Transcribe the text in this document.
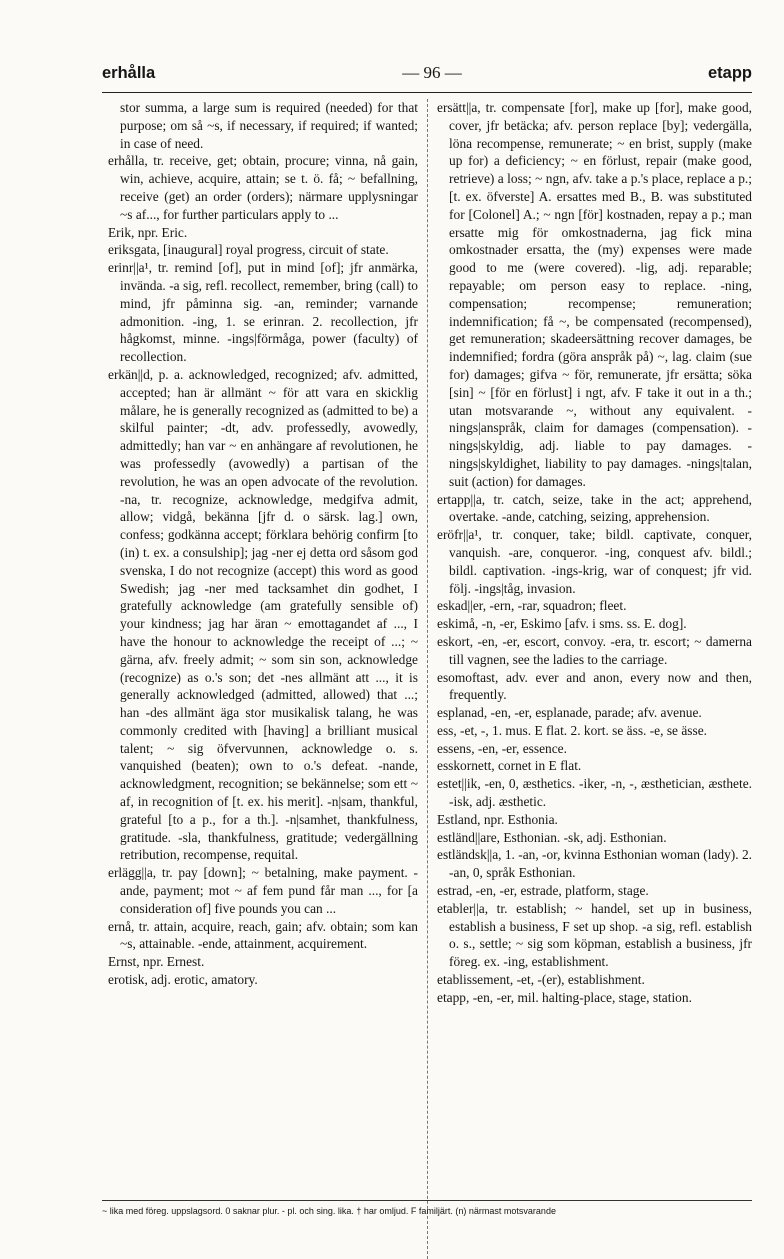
erhålla	— 96 —	etapp

stor summa, a large sum is required (needed) for that purpose; om så ~s, if necessary, if required; if wanted; in case of need.

erhålla, tr. receive, get; obtain, procure; vinna, nå gain, win, achieve, acquire, attain; se t. ö. få; ~ befallning, receive (get) an order (orders); närmare upplysningar ~s af..., for further particulars apply to ...

Erik, npr. Eric.

eriksgata, [inaugural] royal progress, circuit of state.

erinr||a¹, tr. remind [of], put in mind [of]; jfr anmärka, invända. -a sig, refl. recollect, remember, bring (call) to mind, jfr påminna sig. -an, reminder; varnande admonition. -ing, 1. se erinran. 2. recollection, jfr hågkomst, minne. -ings|förmåga, power (faculty) of recollection.

erkän||d, p. a. acknowledged, recognized; afv. admitted, accepted; han är allmänt ~ för att vara en skicklig målare, he is generally recognized as (admitted to be) a skilful painter; -dt, adv. professedly, avowedly, admittedly; han var ~ en anhängare af revolutionen, he was professedly (avowedly) a partisan of the revolution, he was an open advocate of the revolution. -na, tr. recognize, acknowledge, medgifva admit, allow; vidgå, bekänna [jfr d. o särsk. lag.] own, confess; godkänna accept; förklara behörig confirm [to (in) t. ex. a consulship]; jag -ner ej detta ord såsom god svenska, I do not recognize (accept) this word as good Swedish; jag -ner med tacksamhet din godhet, I gratefully acknowledge (am gratefully sensible of) your kindness; jag har äran ~ emottagandet af ..., I have the honour to acknowledge the receipt of ...; ~ gärna, afv. freely admit; ~ som sin son, acknowledge (recognize) as o.'s son; det -nes allmänt att ..., it is generally acknowledged (admitted, allowed) that ...; han -des allmänt äga stor musikalisk talang, he was commonly credited with [having] a brilliant musical talent; ~ sig öfvervunnen, acknowledge o. s. vanquished (beaten); own to o.'s defeat. -nande, acknowledgment, recognition; se bekännelse; som ett ~ af, in recognition of [t. ex. his merit]. -n|sam, thankful, grateful [to a p., for a th.]. -n|samhet, thankfulness, gratitude. -sla, thankfulness, gratitude; vedergällning retribution, recompense, requital.

erlägg||a, tr. pay [down]; ~ betalning, make payment. -ande, payment; mot ~ af fem pund får man ..., for [a consideration of] five pounds you can ...

ernå, tr. attain, acquire, reach, gain; afv. obtain; som kan ~s, attainable. -ende, attainment, acquirement.

Ernst, npr. Ernest.

erotisk, adj. erotic, amatory.

ersätt||a, tr. compensate [for], make up [for], make good, cover, jfr betäcka; afv. person replace [by]; vedergälla, löna recompense, remunerate; ~ en brist, supply (make up for) a deficiency; ~ en förlust, repair (make good, retrieve) a loss; ~ ngn, afv. take a p.'s place, replace a p.; [t. ex. öfverste] A. ersattes med B., B. was substituted for [Colonel] A.; ~ ngn [för] kostnaden, repay a p.; man ersatte mig för omkostnaderna, jag fick mina omkostnader ersatta, the (my) expenses were made good to me (were covered). -lig, adj. reparable; repayable; om person easy to replace. -ning, compensation; recompense; remuneration; indemnification; få ~, be compensated (recompensed), get remuneration; skadeersättning recover damages, be indemnified; fordra (göra anspråk på) ~, lag. claim (sue for) damages; gifva ~ för, remunerate, jfr ersätta; söka [sin] ~ [för en förlust] i ngt, afv. F take it out in a th.; utan motsvarande ~, without any equivalent. -nings|anspråk, claim for damages (compensation). -nings|skyldig, adj. liable to pay damages. -nings|skyldighet, liability to pay damages. -nings|talan, suit (action) for damages.

ertapp||a, tr. catch, seize, take in the act; apprehend, overtake. -ande, catching, seizing, apprehension.

eröfr||a¹, tr. conquer, take; bildl. captivate, conquer, vanquish. -are, conqueror. -ing, conquest afv. bildl.; bildl. captivation. -ings-krig, war of conquest; jfr vid. följ. -ings|tåg, invasion.

eskad||er, -ern, -rar, squadron; fleet.

eskimå, -n, -er, Eskimo [afv. i sms. ss. E. dog].

eskort, -en, -er, escort, convoy. -era, tr. escort; ~ damerna till vagnen, see the ladies to the carriage.

esomoftast, adv. ever and anon, every now and then, frequently.

esplanad, -en, -er, esplanade, parade; afv. avenue.

ess, -et, -, 1. mus. E flat. 2. kort. se äss. -e, se ässe.

essens, -en, -er, essence.

esskornett, cornet in E flat.

estet||ik, -en, 0, æsthetics. -iker, -n, -, æsthetician, æsthete. -isk, adj. æsthetic.

Estland, npr. Esthonia.

estländ||are, Esthonian. -sk, adj. Esthonian.

estländsk||a, 1. -an, -or, kvinna Esthonian woman (lady). 2. -an, 0, språk Esthonian.

estrad, -en, -er, estrade, platform, stage.

etabler||a, tr. establish; ~ handel, set up in business, establish a business, F set up shop. -a sig, refl. establish o. s., settle; ~ sig som köpman, establish a business, jfr föreg. ex. -ing, establishment.

etablissement, -et, -(er), establishment.

etapp, -en, -er, mil. halting-place, stage, station.

~ lika med föreg. uppslagsord. 0 saknar plur. - pl. och sing. lika. † har omljud. F familjärt. (n) närmast motsvarande
